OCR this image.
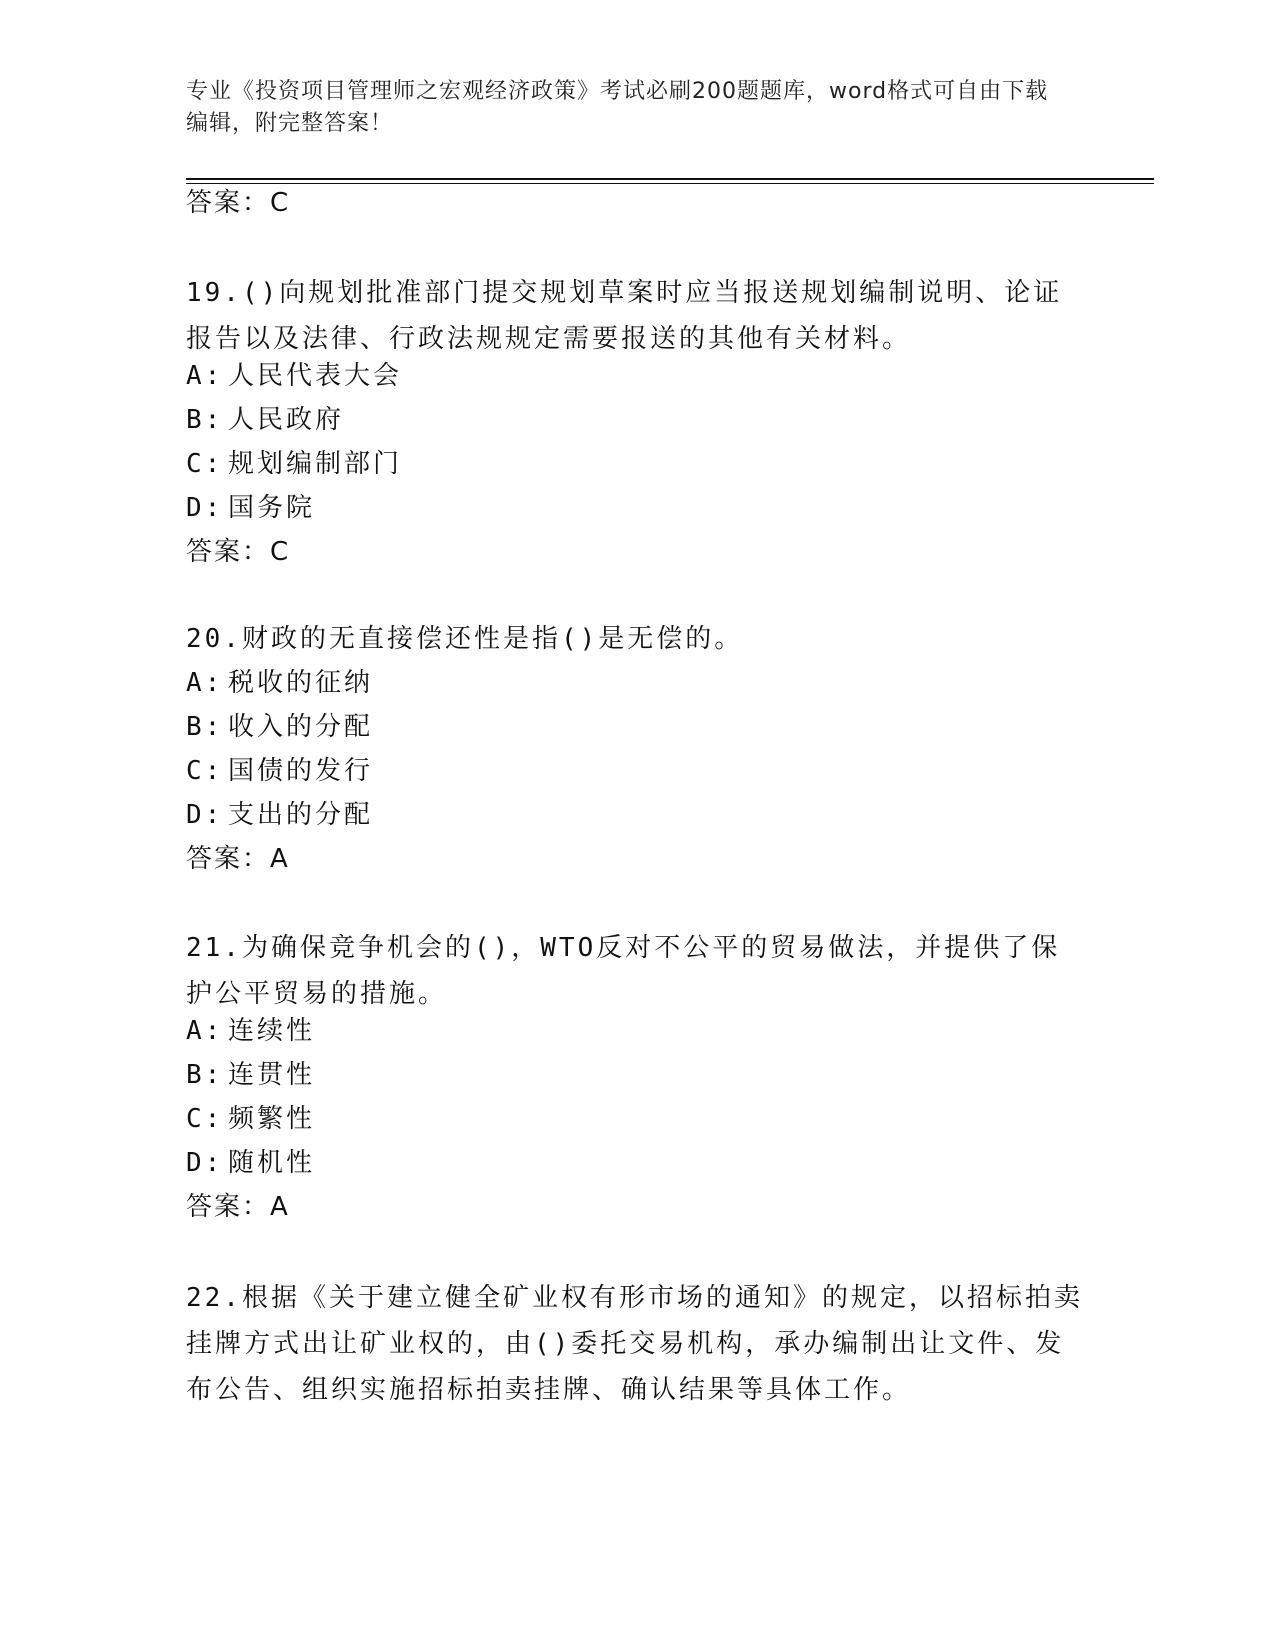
专业《投资项目管理师之宏观经济政策》考试必刷200题题库，word格式可自由下载编辑，附完整答案！
答案：C
19.()向规划批准部门提交规划草案时应当报送规划编制说明、论证报告以及法律、行政法规规定需要报送的其他有关材料。
A: 人民代表大会
B: 人民政府
C: 规划编制部门
D: 国务院
答案：C
20.财政的无直接偿还性是指()是无偿的。
A: 税收的征纳
B: 收入的分配
C: 国债的发行
D: 支出的分配
答案：A
21.为确保竞争机会的()，WTO反对不公平的贸易做法，并提供了保护公平贸易的措施。
A: 连续性
B: 连贯性
C: 频繁性
D: 随机性
答案：A
22.根据《关于建立健全矿业权有形市场的通知》的规定，以招标拍卖挂牌方式出让矿业权的，由()委托交易机构，承办编制出让文件、发布公告、组织实施招标拍卖挂牌、确认结果等具体工作。
